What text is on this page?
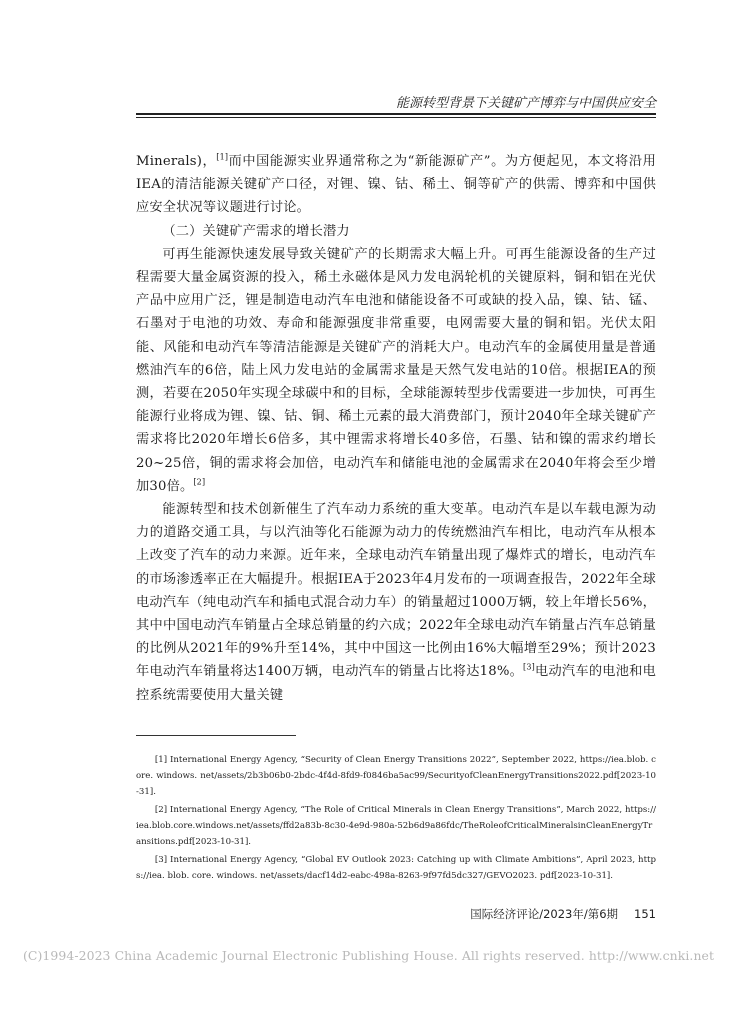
能源转型背景下关键矿产博弈与中国供应安全

Minerals)，[1]而中国能源实业界通常称之为“新能源矿产”。为方便起见，本文将沿用IEA的清洁能源关键矿产口径，对锂、镍、钴、稀土、铜等矿产的供需、博弈和中国供应安全状况等议题进行讨论。

（二）关键矿产需求的增长潜力

可再生能源快速发展导致关键矿产的长期需求大幅上升。可再生能源设备的生产过程需要大量金属资源的投入，稀土永磁体是风力发电涡轮机的关键原料，铜和铝在光伏产品中应用广泛，锂是制造电动汽车电池和储能设备不可或缺的投入品，镍、钴、锰、石墨对于电池的功效、寿命和能源强度非常重要，电网需要大量的铜和铝。光伏太阳能、风能和电动汽车等清洁能源是关键矿产的消耗大户。电动汽车的金属使用量是普通燃油汽车的6倍，陆上风力发电站的金属需求量是天然气发电站的10倍。根据IEA的预测，若要在2050年实现全球碳中和的目标，全球能源转型步伐需要进一步加快，可再生能源行业将成为锂、镍、钴、铜、稀土元素的最大消费部门，预计2040年全球关键矿产需求将比2020年增长6倍多，其中锂需求将增长40多倍，石墨、钴和镍的需求约增长20~25倍，铜的需求将会加倍，电动汽车和储能电池的金属需求在2040年将会至少增加30倍。[2]

能源转型和技术创新催生了汽车动力系统的重大变革。电动汽车是以车载电源为动力的道路交通工具，与以汽油等化石能源为动力的传统燃油汽车相比，电动汽车从根本上改变了汽车的动力来源。近年来，全球电动汽车销量出现了爆炸式的增长，电动汽车的市场渗透率正在大幅提升。根据IEA于2023年4月发布的一项调查报告，2022年全球电动汽车（纯电动汽车和插电式混合动力车）的销量超过1000万辆，较上年增长56%，其中中国电动汽车销量占全球总销量的约六成；2022年全球电动汽车销量占汽车总销量的比例从2021年的9%升至14%，其中中国这一比例由16%大幅增至29%；预计2023年电动汽车销量将达1400万辆，电动汽车的销量占比将达18%。[3]电动汽车的电池和电控系统需要使用大量关键

[1] International Energy Agency, “Security of Clean Energy Transitions 2022”, September 2022, https://iea.blob. core. windows. net/assets/2b3b06b0-2bdc-4f4d-8fd9-f0846ba5ac99/SecurityofCleanEnergyTransitions2022.pdf[2023-10-31].

[2] International Energy Agency, “The Role of Critical Minerals in Clean Energy Transitions”, March 2022, https://iea.blob.core.windows.net/assets/ffd2a83b-8c30-4e9d-980a-52b6d9a86fdc/TheRoleofCriticalMineralsinCleanEnergyTransitions.pdf[2023-10-31].

[3] International Energy Agency, “Global EV Outlook 2023: Catching up with Climate Ambitions”, April 2023, https://iea. blob. core. windows. net/assets/dacf14d2-eabc-498a-8263-9f97fd5dc327/GEVO2023. pdf[2023-10-31].

国际经济评论/2023年/第6期 151
(C)1994-2023 China Academic Journal Electronic Publishing House. All rights reserved. http://www.cnki.net
